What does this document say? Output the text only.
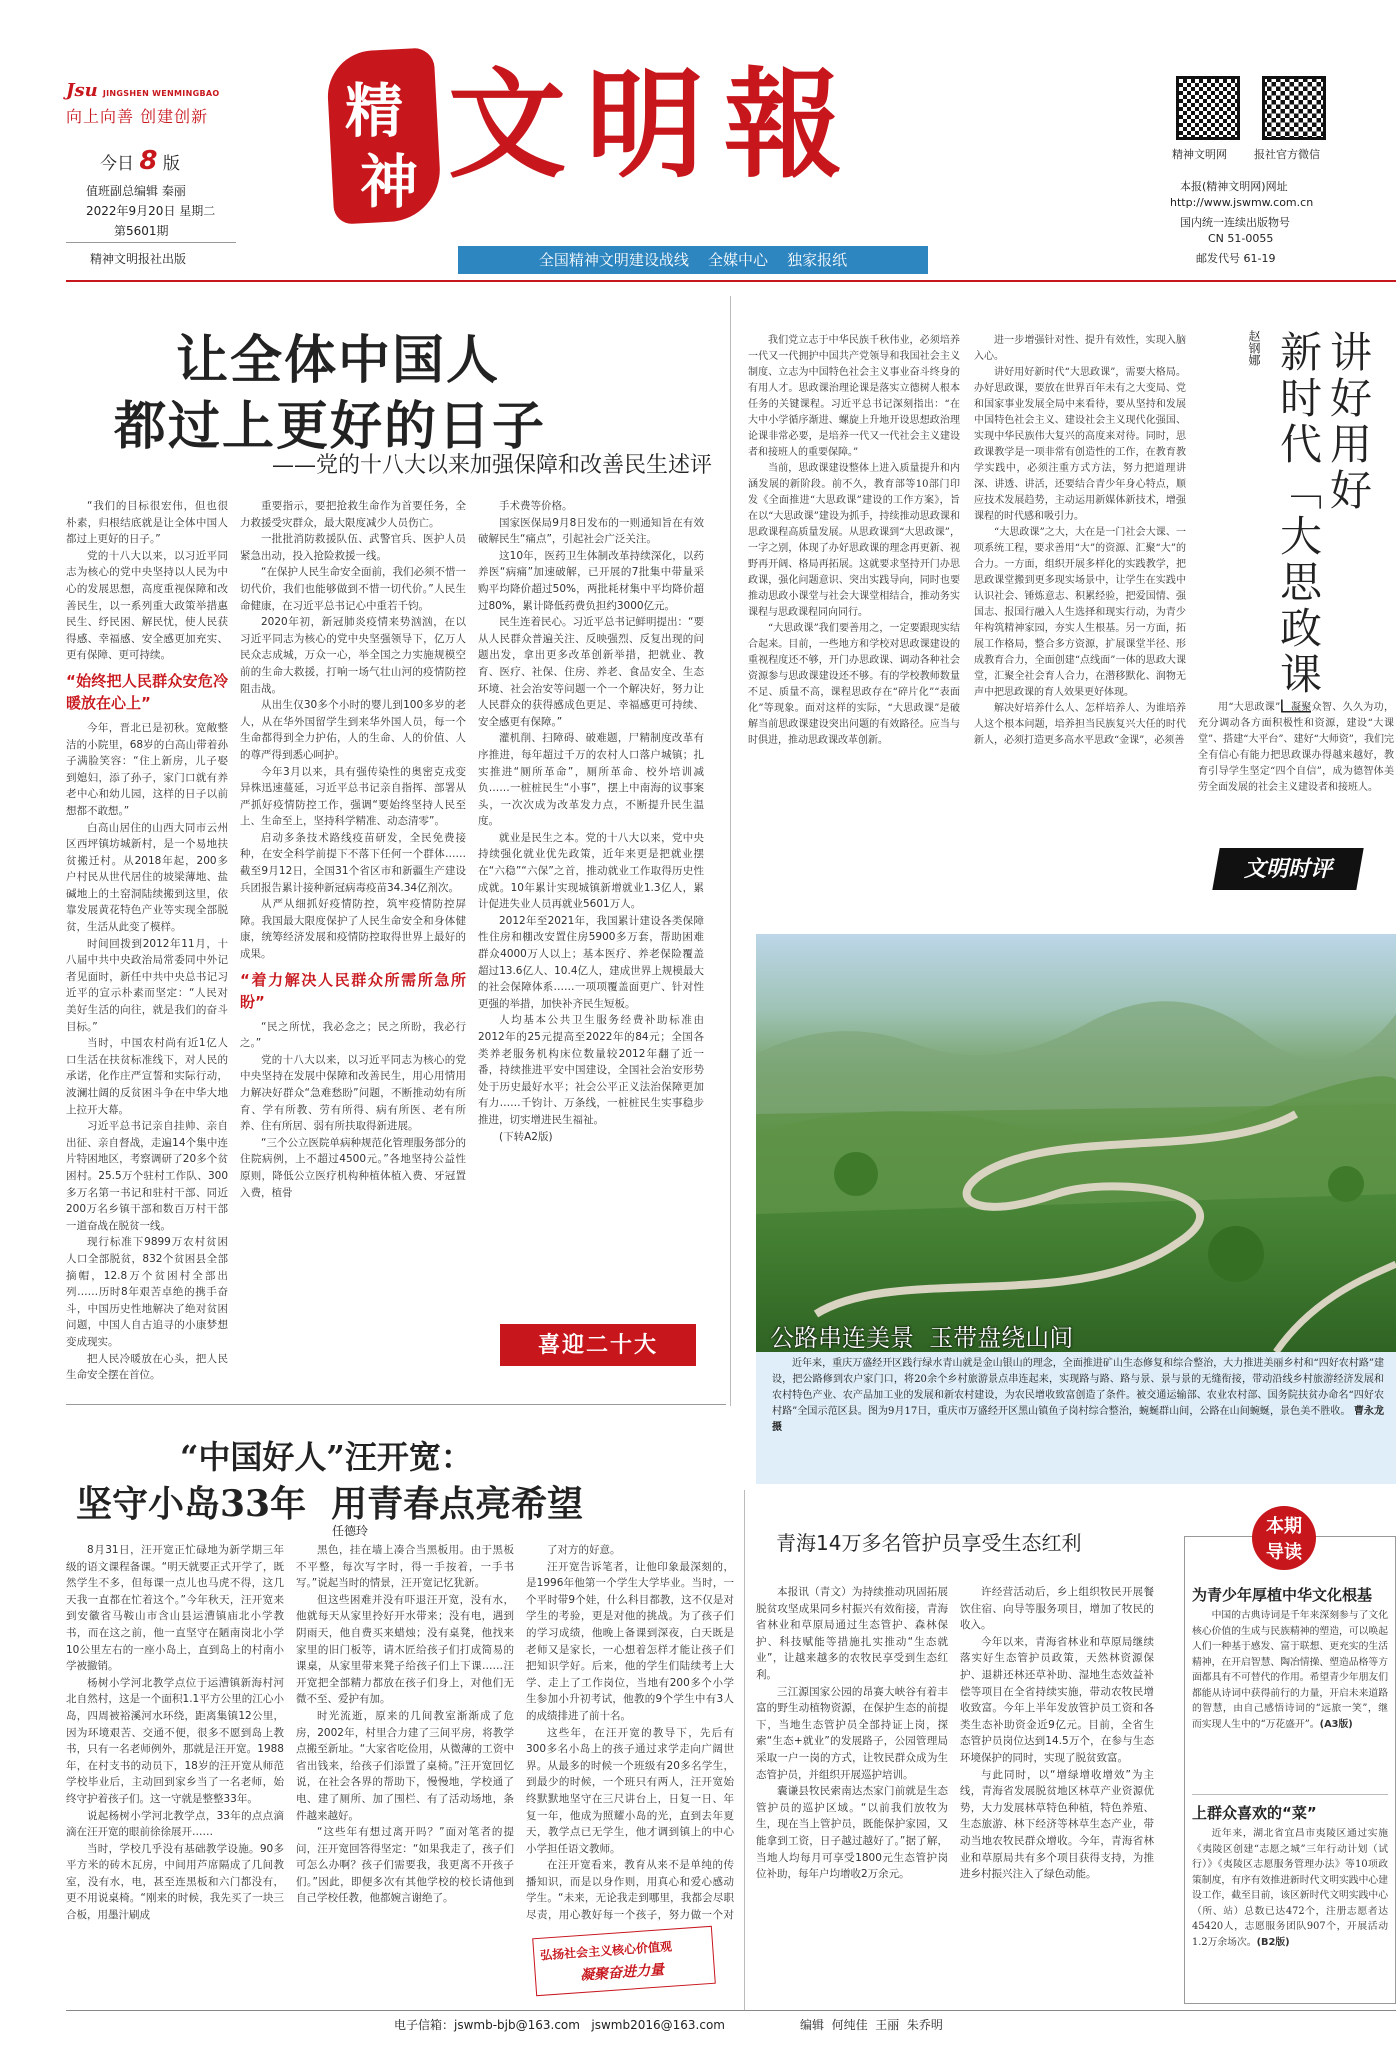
Jsu JINGSHEN WENMINGBAO
向上向善 创建创新
今日 8 版
值班副总编辑 秦丽
2022年9月20日 星期二
第5601期
精神文明报社出版
精
神 文明報
全国精神文明建设战线    全媒中心    独家报纸
精神文明网 报社官方微信
本报(精神文明网)网址
http://www.jswmw.com.cn
国内统一连续出版物号
CN 51-0055
邮发代号 61-19
让全体中国人
都过上更好的日子
——党的十八大以来加强保障和改善民生述评

“我们的目标很宏伟，但也很朴素，归根结底就是让全体中国人都过上更好的日子。”

党的十八大以来，以习近平同志为核心的党中央坚持以人民为中心的发展思想，高度重视保障和改善民生，以一系列重大政策举措惠民生、纾民困、解民忧，使人民获得感、幸福感、安全感更加充实、更有保障、更可持续。

“始终把人民群众安危冷暖放在心上”

今年，晋北已是初秋。宽敞整洁的小院里，68岁的白高山带着孙子满脸笑容：“住上新房，儿子娶到媳妇，添了孙子，家门口就有养老中心和幼儿园，这样的日子以前想都不敢想。”

白高山居住的山西大同市云州区西坪镇坊城新村，是一个易地扶贫搬迁村。从2018年起，200多户村民从世代居住的坡梁薄地、盐碱地上的土窑洞陆续搬到这里，依靠发展黄花特色产业等实现全部脱贫，生活从此变了模样。

时间回拨到2012年11月，十八届中共中央政治局常委同中外记者见面时，新任中共中央总书记习近平的宣示朴素而坚定：“人民对美好生活的向往，就是我们的奋斗目标。”

当时，中国农村尚有近1亿人口生活在扶贫标准线下，对人民的承诺，化作庄严宣誓和实际行动，波澜壮阔的反贫困斗争在中华大地上拉开大幕。

习近平总书记亲自挂帅、亲自出征、亲自督战，走遍14个集中连片特困地区，考察调研了20多个贫困村。25.5万个驻村工作队、300多万名第一书记和驻村干部、同近200万名乡镇干部和数百万村干部一道奋战在脱贫一线。

现行标准下9899万农村贫困人口全部脱贫，832个贫困县全部摘帽，12.8万个贫困村全部出列……历时8年艰苦卓绝的携手奋斗，中国历史性地解决了绝对贫困问题，中国人自古追寻的小康梦想变成现实。

把人民冷暖放在心头，把人民生命安全摆在首位。

重要指示，要把抢救生命作为首要任务，全力救援受灾群众，最大限度减少人员伤亡。

一批批消防救援队伍、武警官兵、医护人员紧急出动，投入抢险救援一线。

“在保护人民生命安全面前，我们必须不惜一切代价，我们也能够做到不惜一切代价。”人民生命健康，在习近平总书记心中重若千钧。

2020年初，新冠肺炎疫情来势汹汹，在以习近平同志为核心的党中央坚强领导下，亿万人民众志成城，万众一心，举全国之力实施规模空前的生命大救援，打响一场气壮山河的疫情防控阻击战。

从出生仅30多个小时的婴儿到100多岁的老人，从在华外国留学生到来华外国人员，每一个生命都得到全力护佑，人的生命、人的价值、人的尊严得到悉心呵护。

今年3月以来，具有强传染性的奥密克戎变异株迅速蔓延，习近平总书记亲自指挥、部署从严抓好疫情防控工作，强调“要始终坚持人民至上、生命至上，坚持科学精准、动态清零”。

启动多条技术路线疫苗研发，全民免费接种，在安全科学前提下不落下任何一个群体……截至9月12日，全国31个省区市和新疆生产建设兵团报告累计接种新冠病毒疫苗34.34亿剂次。

从严从细抓好疫情防控，筑牢疫情防控屏障。我国最大限度保护了人民生命安全和身体健康，统筹经济发展和疫情防控取得世界上最好的成果。

“着力解决人民群众所需所急所盼”

“民之所忧，我必念之；民之所盼，我必行之。”

党的十八大以来，以习近平同志为核心的党中央坚持在发展中保障和改善民生，用心用情用力解决好群众“急难愁盼”问题，不断推动幼有所育、学有所教、劳有所得、病有所医、老有所养、住有所居、弱有所扶取得新进展。

“三个公立医院单病种规范化管理服务部分的住院病例，上不超过4500元。”各地坚持公益性原则，降低公立医疗机构种植体植入费、牙冠置入费，植骨

手术费等价格。

国家医保局9月8日发布的一则通知旨在有效破解民生“痛点”，引起社会广泛关注。

这10年，医药卫生体制改革持续深化，以药养医“病痛”加速破解，已开展的7批集中带量采购平均降价超过50%，两批耗材集中平均降价超过80%，累计降低药费负担约3000亿元。

民生连着民心。习近平总书记鲜明提出：“要从人民群众普遍关注、反映强烈、反复出现的问题出发，拿出更多改革创新举措，把就业、教育、医疗、社保、住房、养老、食品安全、生态环境、社会治安等问题一个一个解决好，努力让人民群众的获得感成色更足、幸福感更可持续、安全感更有保障。”

灌机削、扫障碍、破难题，尸精制度改革有序推进，每年超过千万的农村人口落户城镇；扎实推进“厕所革命”，厕所革命、校外培训减负……一桩桩民生“小事”，摆上中南海的议事案头，一次次成为改革发力点，不断提升民生温度。

就业是民生之本。党的十八大以来，党中央持续强化就业优先政策，近年来更是把就业摆在“六稳”“六保”之首，推动就业工作取得历史性成就。10年累计实现城镇新增就业1.3亿人，累计促进失业人员再就业5601万人。

2012年至2021年，我国累计建设各类保障性住房和棚改安置住房5900多万套，帮助困难群众4000万人以上；基本医疗、养老保险覆盖超过13.6亿人、10.4亿人，建成世界上规模最大的社会保障体系……一项项覆盖面更广、针对性更强的举措，加快补齐民生短板。

人均基本公共卫生服务经费补助标准由2012年的25元提高至2022年的84元；全国各类养老服务机构床位数量较2012年翻了近一番，持续推进平安中国建设，全国社会治安形势处于历史最好水平；社会公平正义法治保障更加有力……千钧计、万条线，一桩桩民生实事稳步推进，切实增进民生福祉。

(下转A2版)

喜迎二十大

我们党立志于中华民族千秋伟业，必须培养一代又一代拥护中国共产党领导和我国社会主义制度、立志为中国特色社会主义事业奋斗终身的有用人才。思政课治理论课是落实立德树人根本任务的关键课程。习近平总书记深刻指出：“在大中小学循序渐进、螺旋上升地开设思想政治理论课非常必要，是培养一代又一代社会主义建设者和接班人的重要保障。”

当前，思政课建设整体上进入质量提升和内涵发展的新阶段。前不久，教育部等10部门印发《全面推进“大思政课”建设的工作方案》，旨在以“大思政课”建设为抓手，持续推动思政课和思政课程高质量发展。从思政课到“大思政课”，一字之别，体现了办好思政课的理念再更新、视野再开阔、格局再拓展。这就要求坚持开门办思政课，强化问题意识、突出实践导向，同时也要推动思政小课堂与社会大课堂相结合，推动务实课程与思政课程同向同行。

“大思政课”我们要善用之，一定要跟现实结合起来。目前，一些地方和学校对思政课建设的重视程度还不够，开门办思政课、调动各种社会资源参与思政课建设还不够。有的学校教师数量不足、质量不高，课程思政存在“碎片化”“表面化”等现象。面对这样的实际，“大思政课”是破解当前思政课建设突出问题的有效路径。应当与时俱进，推动思政课改革创新。

进一步增强针对性、提升有效性，实现入脑入心。

讲好用好新时代“大思政课”，需要大格局。办好思政课，要放在世界百年未有之大变局、党和国家事业发展全局中来看待，要从坚持和发展中国特色社会主义、建设社会主义现代化强国、实现中华民族伟大复兴的高度来对待。同时，思政课教学是一项非常有创造性的工作，在教育教学实践中，必须注重方式方法，努力把道理讲深、讲透、讲活，还要结合青少年身心特点，顺应技术发展趋势，主动运用新媒体新技术，增强课程的时代感和吸引力。

“大思政课”之大，大在是一门社会大课、一项系统工程，要求善用“大”的资源、汇聚“大”的合力。一方面，组织开展多样化的实践教学，把思政课堂搬到更多现实场景中，让学生在实践中认识社会、锤炼意志、积累经验，把爱国情、强国志、报国行融入人生选择和现实行动，为青少年构筑精神家园，夯实人生根基。另一方面，拓展工作格局，整合多方资源，扩展课堂半径、形成教育合力，全面创建“点线面”一体的思政大课堂，汇聚全社会育人合力，在潜移默化、润物无声中把思政课的育人效果更好体现。

解决好培养什么人、怎样培养人、为谁培养人这个根本问题，培养担当民族复兴大任的时代新人，必须打造更多高水平思政“金课”，必须善

赵钢娜 讲好用好
新时代「大思政课」

用“大思政课”，凝聚众智、久久为功，充分调动各方面积极性和资源，建设“大课堂”、搭建“大平台”、建好“大师资”，我们完全有信心有能力把思政课办得越来越好，教育引导学生坚定“四个自信”，成为德智体美劳全面发展的社会主义建设者和接班人。

文明时评
公路串连美景  玉带盘绕山间
近年来，重庆万盛经开区践行绿水青山就是金山银山的理念，全面推进矿山生态修复和综合整治，大力推进美丽乡村和“四好农村路”建设，把公路修到农户家门口，将20余个乡村旅游景点串连起来，实现路与路、路与景、景与景的无缝衔接，带动沿线乡村旅游经济发展和农村特色产业、农产品加工业的发展和新农村建设，为农民增收致富创造了条件。被交通运输部、农业农村部、国务院扶贫办命名“四好农村路”全国示范区县。图为9月17日，重庆市万盛经开区黑山镇鱼子岗村综合整治，蜿蜒群山间，公路在山间蜿蜒，景色美不胜收。 曹永龙 摄
“中国好人”汪开宽：
坚守小岛33年  用青春点亮希望
任德玲

8月31日，汪开宽正忙碌地为新学期三年级的语文课程备课。“明天就要正式开学了，既然学生不多，但每课一点儿也马虎不得，这几天我一直都在忙着这个。”今年秋天，汪开宽来到安徽省马鞍山市含山县运漕镇庙北小学教书，而在这之前，他一直坚守在陋南岗北小学10公里左右的一座小岛上，直到岛上的村南小学被撤销。

杨树小学河北教学点位于运漕镇新海村河北自然村，这是一个面积1.1平方公里的江心小岛，四周被裕溪河水环绕，距离集镇12公里，因为环境艰苦、交通不便，很多不愿到岛上教书，只有一名老师例外，那就是汪开宽。1988年，在村支书的动员下，18岁的汪开宽从师范学校毕业后，主动回到家乡当了一名老师，始终守护着孩子们。这一守就是整整33年。

说起杨树小学河北教学点，33年的点点滴滴在汪开宽的眼前徐徐展开……

当时，学校几乎没有基础教学设施。90多平方米的砖木瓦房，中间用芦席隔成了几间教室，没有水，电，甚至连黑板和六门都没有，更不用说桌椅。“刚来的时候，我先买了一块三合板，用墨汁刷成

黑色，挂在墙上凑合当黑板用。由于黑板不平整，每次写字时，得一手按着，一手书写。”说起当时的情景，汪开宽记忆犹新。

但这些困难并没有吓退汪开宽，没有水，他就每天从家里拎好开水带来；没有电，遇到阴雨天，他自费买来蜡烛；没有桌凳，他找来家里的旧门板等，请木匠给孩子们打成简易的课桌，从家里带来凳子给孩子们上下课……汪开宽把全部精力都放在孩子们身上，对他们无微不至、爱护有加。

时光流逝，原来的几间教室渐渐成了危房，2002年，村里合力建了三间平房，将教学点搬至新址。“大家省吃俭用，从微薄的工资中省出钱来，给孩子们添置了桌椅。”汪开宽回忆说，在社会各界的帮助下，慢慢地，学校通了电、建了厕所、加了围栏、有了活动场地，条件越来越好。

“这些年有想过离开吗？”面对笔者的提问，汪开宽回答得坚定：“如果我走了，孩子们可怎么办啊？孩子们需要我，我更离不开孩子们。”因此，即便多次有其他学校的校长请他到自己学校任教，他都婉言谢绝了。

了对方的好意。

汪开宽告诉笔者，让他印象最深刻的，是1996年他第一个学生大学毕业。当时，一个平时带9个娃，什么科目都教，这不仅是对学生的考验，更是对他的挑战。为了孩子们的学习成绩，他晚上备课到深夜，白天既是老师又是家长，一心想着怎样才能让孩子们把知识学好。后来，他的学生们陆续考上大学、走上了工作岗位，当地有200多个小学生参加小升初考试，他教的9个学生中有3人的成绩排进了前十名。

这些年，在汪开宽的教导下，先后有300多名小岛上的孩子通过求学走向广阔世界。从最多的时候一个班级有20多名学生，到最少的时候，一个班只有两人，汪开宽始终默默地坚守在三尺讲台上，日复一日、年复一年，他成为照耀小岛的光，直到去年夏天，教学点已无学生，他才调到镇上的中心小学担任语文教师。

在汪开宽看来，教育从来不是单纯的传播知识，而是以身作则，用真心和爱心感动学生。“未来，无论我走到哪里，我都会尽职尽责，用心教好每一个孩子，努力做一个对

弘扬社会主义核心价值观
凝聚奋进力量
青海14万多名管护员享受生态红利

本报讯（青文）为持续推动巩固拓展脱贫攻坚成果同乡村振兴有效衔接，青海省林业和草原局通过生态管护、森林保护、科技赋能等措施扎实推动“生态就业”，让越来越多的农牧民享受到生态红利。

三江源国家公园的昂赛大峡谷有着丰富的野生动植物资源，在保护生态的前提下，当地生态管护员全部持证上岗，探索“生态+就业”的发展路子，公园管理局采取一户一岗的方式，让牧民群众成为生态管护员，并组织开展巡护培训。

囊谦县牧民索南达杰家门前就是生态管护员的巡护区域。“以前我们放牧为生，现在当上管护员，既能保护家园，又能拿到工资，日子越过越好了。”据了解，当地人均每月可享受1800元生态管护岗位补助，每年户均增收2万余元。

许经营活动后，乡上组织牧民开展餐饮住宿、向导等服务项目，增加了牧民的收入。

今年以来，青海省林业和草原局继续落实好生态管护员政策，天然林资源保护、退耕还林还草补助、湿地生态效益补偿等项目在全省持续实施，带动农牧民增收致富。今年上半年发放管护员工资和各类生态补助资金近9亿元。目前，全省生态管护员岗位达到14.5万个，在参与生态环境保护的同时，实现了脱贫致富。

与此同时，以“增绿增收增效”为主线，青海省发展脱贫地区林草产业资源优势，大力发展林草特色种植，特色养殖、生态旅游、林下经济等林草生态产业，带动当地农牧民群众增收。今年，青海省林业和草原局共有多个项目获得支持，为推进乡村振兴注入了绿色动能。

本期
导读
为青少年厚植中华文化根基

中国的古典诗词是千年来深刻参与了文化核心价值的生成与民族精神的塑造，可以唤起人们一种基于感发、富于联想、更充实的生活精神，在开启智慧、陶冶情操、塑造品格等方面都具有不可替代的作用。希望青少年朋友们都能从诗词中获得前行的力量，开启未来道路的智慧，由自己感悟诗词的“远旅一笑”，继而实现人生中的“万花盛开”。(A3版)

上群众喜欢的“菜”

近年来，湖北省宜昌市夷陵区通过实施《夷陵区创建“志愿之城”三年行动计划（试行）》《夷陵区志愿服务管理办法》等10项政策制度，有序有效推进新时代文明实践中心建设工作，截至目前，该区新时代文明实践中心（所、站）总数已达472个，注册志愿者达45420人，志愿服务团队907个，开展活动1.2万余场次。(B2版)

电子信箱：jswmb-bjb@163.com   jswmb2016@163.com	编辑  何纯佳  王丽  朱乔明
